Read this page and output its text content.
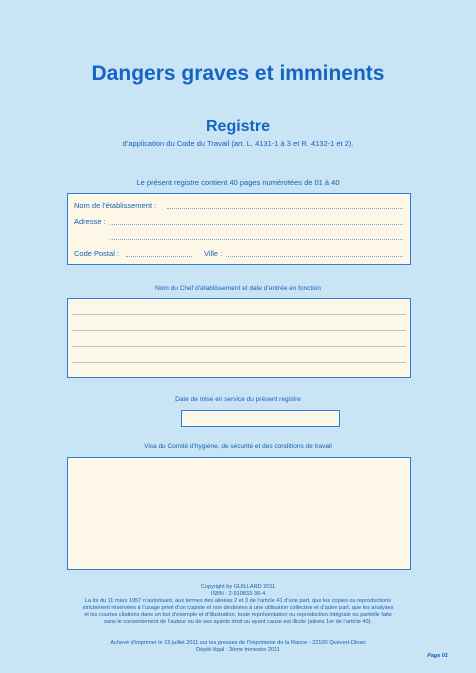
Dangers graves et imminents
Registre
d’application du Code du Travail (art. L. 4131-1 à 3 et R. 4132-1 et 2).
Le présent registre contient 40 pages numérotées de 01 à 40
Nom de l’établissement :
Adresse :
Code Postal :	Ville :
Nom du Chef d’établissement et date d’entrée en fonction
Date de mise en service du présent registre
Visa du Comité d’hygiène, de sécurité et des conditions de travail
Copyright by GUILLARD 2011
ISBN : 2-910833-36-4
La loi du 11 mars 1957 n’autorisant, aux termes des alinéas 2 et 3 de l’article 41 d’une part, que les copies ou reproductions
strictement réservées à l’usage privé d’un copiste et non destinées à une utilisation collective et d’autre part, que les analyses
et les courtes citations dans un but d’exemple et d’illustration, toute représentation ou reproduction intégrale ou partielle faite
sans le consentement de l’auteur ou de ses ayants droit ou ayant cause est illicite (alinéa 1er de l’article 40).
Achevé d’imprimer le 15 juillet 2011 sur les presses de l’Imprimerie de la Rance - 22100 Quévert-Dinan
Dépôt légal : 3ème trimestre 2011
Page 01
